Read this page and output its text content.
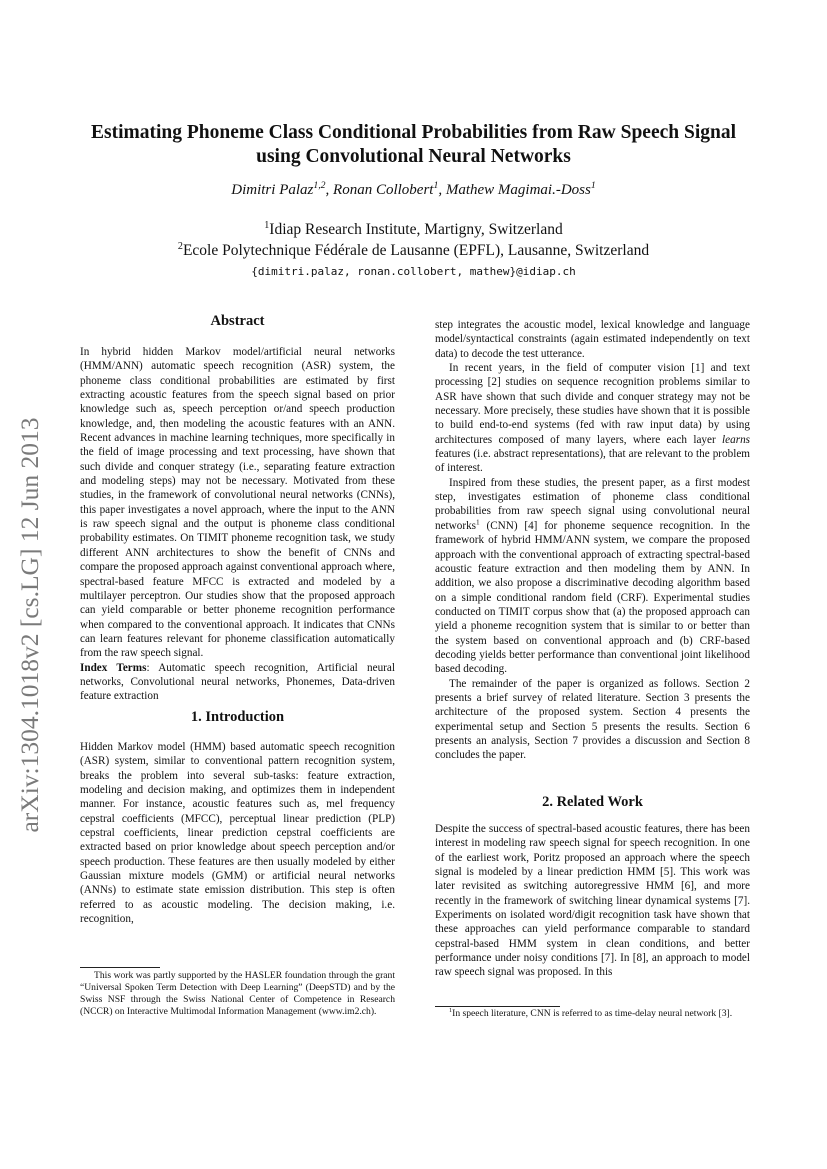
arXiv:1304.1018v2 [cs.LG] 12 Jun 2013
Estimating Phoneme Class Conditional Probabilities from Raw Speech Signal
using Convolutional Neural Networks
Dimitri Palaz$^{1,2}$, Ronan Collobert$^1$, Mathew Magimai.-Doss$^1$
$^1$Idiap Research Institute, Martigny, Switzerland
$^2$Ecole Polytechnique Fédérale de Lausanne (EPFL), Lausanne, Switzerland
{dimitri.palaz, ronan.collobert, mathew}@idiap.ch
Abstract

In hybrid hidden Markov model/artificial neural networks (HMM/ANN) automatic speech recognition (ASR) system, the phoneme class conditional probabilities are estimated by first extracting acoustic features from the speech signal based on prior knowledge such as, speech perception or/and speech production knowledge, and, then modeling the acoustic features with an ANN. Recent advances in machine learning techniques, more specifically in the field of image processing and text processing, have shown that such divide and conquer strategy (i.e., separating feature extraction and modeling steps) may not be necessary. Motivated from these studies, in the framework of convolutional neural networks (CNNs), this paper investigates a novel approach, where the input to the ANN is raw speech signal and the output is phoneme class conditional probability estimates. On TIMIT phoneme recognition task, we study different ANN architectures to show the benefit of CNNs and compare the proposed approach against conventional approach where, spectral-based feature MFCC is extracted and modeled by a multilayer perceptron. Our studies show that the proposed approach can yield comparable or better phoneme recognition performance when compared to the conventional approach. It indicates that CNNs can learn features relevant for phoneme classification automatically from the raw speech signal.

Index Terms: Automatic speech recognition, Artificial neural networks, Convolutional neural networks, Phonemes, Data-driven feature extraction

1. Introduction

Hidden Markov model (HMM) based automatic speech recognition (ASR) system, similar to conventional pattern recognition system, breaks the problem into several sub-tasks: feature extraction, modeling and decision making, and optimizes them in independent manner. For instance, acoustic features such as, mel frequency cepstral coefficients (MFCC), perceptual linear prediction (PLP) cepstral coefficients, linear prediction cepstral coefficients are extracted based on prior knowledge about speech perception and/or speech production. These features are then usually modeled by either Gaussian mixture models (GMM) or artificial neural networks (ANNs) to estimate state emission distribution. This step is often referred to as acoustic modeling. The decision making, i.e. recognition,

This work was partly supported by the HASLER foundation through the grant “Universal Spoken Term Detection with Deep Learning” (DeepSTD) and by the Swiss NSF through the Swiss National Center of Competence in Research (NCCR) on Interactive Multimodal Information Management (www.im2.ch).

step integrates the acoustic model, lexical knowledge and language model/syntactical constraints (again estimated independently on text data) to decode the test utterance.

In recent years, in the field of computer vision [1] and text processing [2] studies on sequence recognition problems similar to ASR have shown that such divide and conquer strategy may not be necessary. More precisely, these studies have shown that it is possible to build end-to-end systems (fed with raw input data) by using architectures composed of many layers, where each layer learns features (i.e. abstract representations), that are relevant to the problem of interest.

Inspired from these studies, the present paper, as a first modest step, investigates estimation of phoneme class conditional probabilities from raw speech signal using convolutional neural networks$^1$ (CNN) [4] for phoneme sequence recognition. In the framework of hybrid HMM/ANN system, we compare the proposed approach with the conventional approach of extracting spectral-based acoustic feature extraction and then modeling them by ANN. In addition, we also propose a discriminative decoding algorithm based on a simple conditional random field (CRF). Experimental studies conducted on TIMIT corpus show that (a) the proposed approach can yield a phoneme recognition system that is similar to or better than the system based on conventional approach and (b) CRF-based decoding yields better performance than conventional joint likelihood based decoding.

The remainder of the paper is organized as follows. Section 2 presents a brief survey of related literature. Section 3 presents the architecture of the proposed system. Section 4 presents the experimental setup and Section 5 presents the results. Section 6 presents an analysis, Section 7 provides a discussion and Section 8 concludes the paper.

2. Related Work

Despite the success of spectral-based acoustic features, there has been interest in modeling raw speech signal for speech recognition. In one of the earliest work, Poritz proposed an approach where the speech signal is modeled by a linear prediction HMM [5]. This work was later revisited as switching autoregressive HMM [6], and more recently in the framework of switching linear dynamical systems [7]. Experiments on isolated word/digit recognition task have shown that these approaches can yield performance comparable to standard cepstral-based HMM system in clean conditions, and better performance under noisy conditions [7]. In [8], an approach to model raw speech signal was proposed. In this

$^1$In speech literature, CNN is referred to as time-delay neural network [3].
